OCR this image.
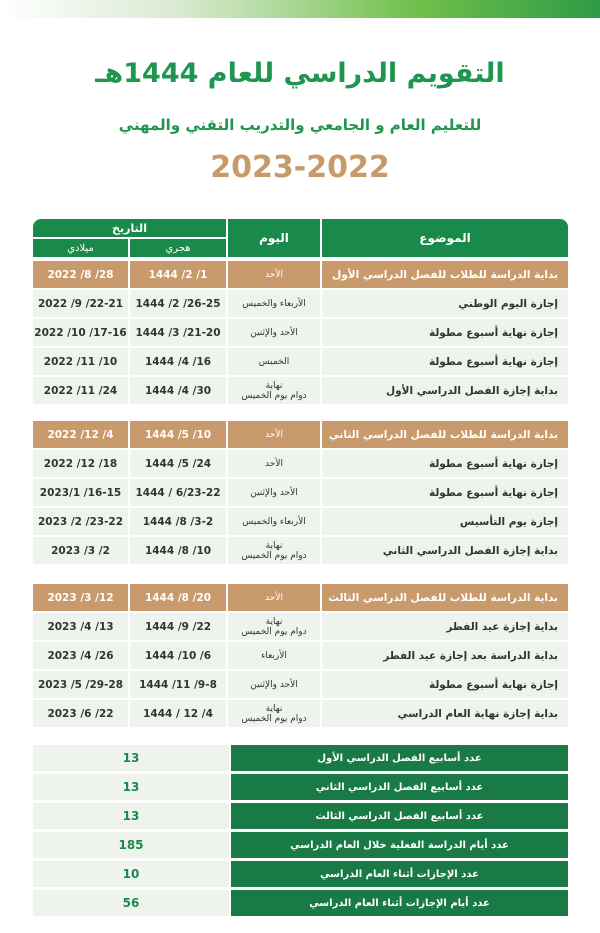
التقويم الدراسي للعام 1444هـ
للتعليم العام و الجامعي والتدريب التقني والمهني
2023-2022
الموضوع
اليوم
التاريخ
هجري
ميلادي
بداية الدراسة للطلاب للفصل الدراسي الأول
الأحد
1444 /2 /1
2022 /8 /28
إجازة اليوم الوطني
الأربعاء والخميس
1444 /2 /26-25
2022 /9 /22-21
إجازة نهاية أسبوع مطولة
الأحد والإثنين
1444 /3 /21-20
2022 /10 /17-16
إجازة نهاية أسبوع مطولة
الخميس
1444 /4 /16
2022 /11 /10
بداية إجازة الفصل الدراسي الأول
نهاية
دوام يوم الخميس
1444 /4 /30
2022 /11 /24
بداية الدراسة للطلاب للفصل الدراسي الثاني
الأحد
1444 /5 /10
2022 /12 /4
إجازة نهاية أسبوع مطولة
الأحد
1444 /5 /24
2022 /12 /18
إجازة نهاية أسبوع مطولة
الأحد والإثنين
1444 / 6/23-22
2023/1 /16-15
إجازة يوم التأسيس
الأربعاء والخميس
1444 /8 /3-2
2023 /2 /23-22
بداية إجازة الفصل الدراسي الثاني
نهاية
دوام يوم الخميس
1444 /8 /10
2023 /3 /2
بداية الدراسة للطلاب للفصل الدراسي الثالث
الأحد
1444 /8 /20
2023 /3 /12
بداية إجازة عيد الفطر
نهاية
دوام يوم الخميس
1444 /9 /22
2023 /4 /13
بداية الدراسة بعد إجازة عيد الفطر
الأربعاء
1444 /10 /6
2023 /4 /26
إجازة نهاية أسبوع مطولة
الأحد والإثنين
1444 /11 /9-8
2023 /5 /29-28
بداية إجازة نهاية العام الدراسي
نهاية
دوام يوم الخميس
1444 / 12 /4
2023 /6 /22
عدد أسابيع الفصل الدراسي الأول
13
عدد أسابيع الفصل الدراسي الثاني
13
عدد أسابيع الفصل الدراسي الثالث
13
عدد أيام الدراسة الفعلية خلال العام الدراسي
185
عدد الإجازات أثناء العام الدراسي
10
عدد أيام الإجازات أثناء العام الدراسي
56
